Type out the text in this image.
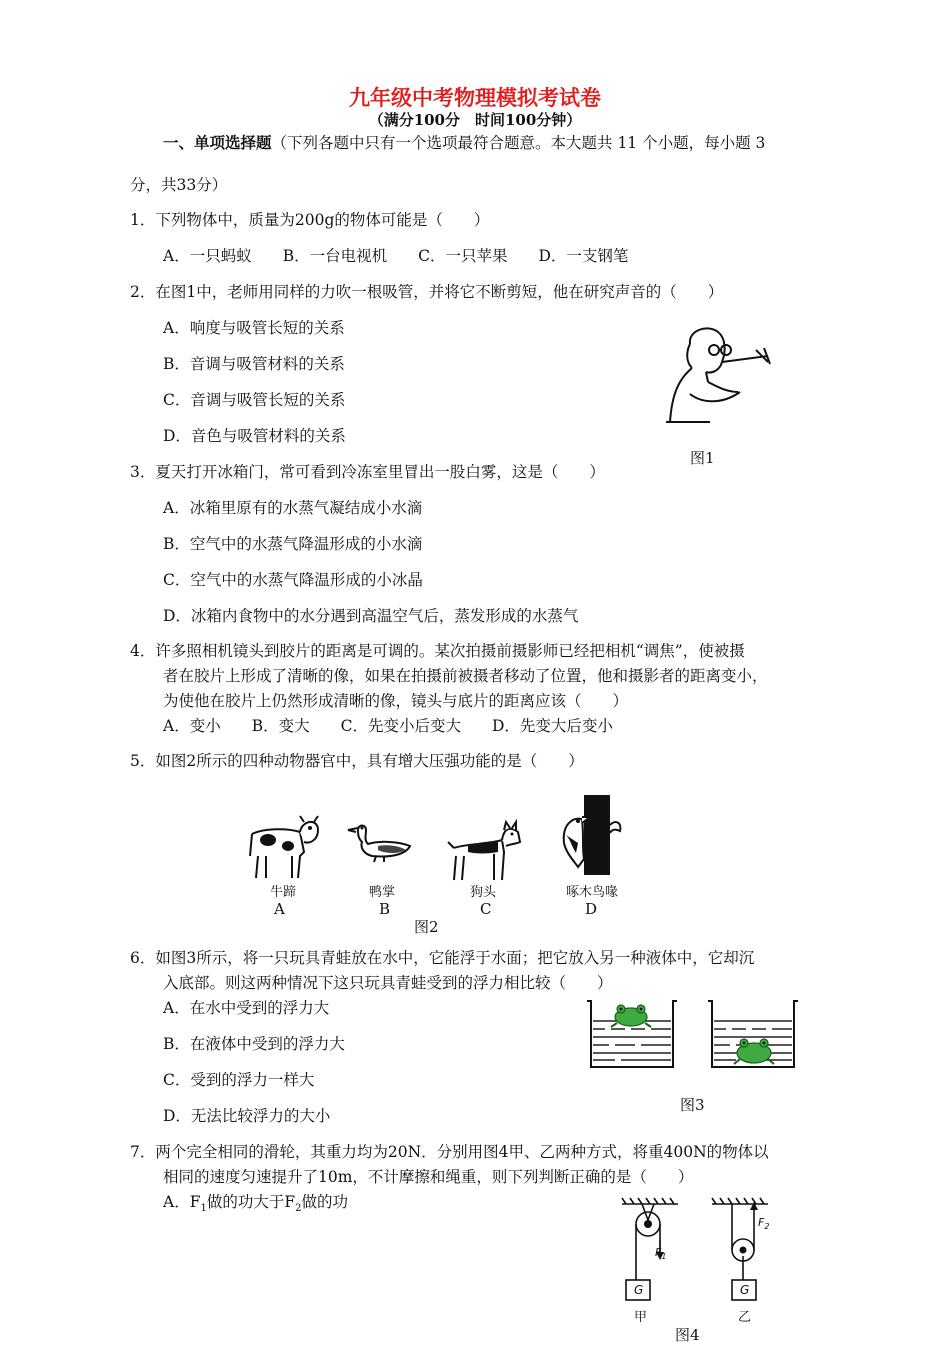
九年级中考物理模拟考试卷
（满分100分　时间100分钟）
一、单项选择题（下列各题中只有一个选项最符合题意。本大题共 11 个小题，每小题 3
分，共33分）
1．下列物体中，质量为200g的物体可能是（　　）
A．一只蚂蚁　　B．一台电视机　　C．一只苹果　　D．一支钢笔
2．在图1中，老师用同样的力吹一根吸管，并将它不断剪短，他在研究声音的（　　）
A．响度与吸管长短的关系
B．音调与吸管材料的关系
C．音调与吸管长短的关系
D．音色与吸管材料的关系
图1
3．夏天打开冰箱门，常可看到冷冻室里冒出一股白雾，这是（　　）
A．冰箱里原有的水蒸气凝结成小水滴
B．空气中的水蒸气降温形成的小水滴
C．空气中的水蒸气降温形成的小冰晶
D．冰箱内食物中的水分遇到高温空气后，蒸发形成的水蒸气
4．许多照相机镜头到胶片的距离是可调的。某次拍摄前摄影师已经把相机“调焦”，使被摄
者在胶片上形成了清晰的像，如果在拍摄前被摄者移动了位置，他和摄影者的距离变小，
为使他在胶片上仍然形成清晰的像，镜头与底片的距离应该（　　）
A．变小　　B．变大　　C．先变小后变大　　D．先变大后变小
5．如图2所示的四种动物器官中，具有增大压强功能的是（　　）
牛蹄	鸭掌	狗头	啄木鸟喙
A	B	C	D
图2
6．如图3所示，将一只玩具青蛙放在水中，它能浮于水面；把它放入另一种液体中，它却沉
入底部。则这两种情况下这只玩具青蛙受到的浮力相比较（　　）
A．在水中受到的浮力大
B．在液体中受到的浮力大
C．受到的浮力一样大
D．无法比较浮力的大小
图3
7．两个完全相同的滑轮，其重力均为20N．分别用图4甲、乙两种方式，将重400N的物体以
相同的速度匀速提升了10m，不计摩擦和绳重，则下列判断正确的是（　　）
A．$F_1$做的功大于$F_2$做的功
$F_1$
$F_2$
G	G
甲	乙
图4
